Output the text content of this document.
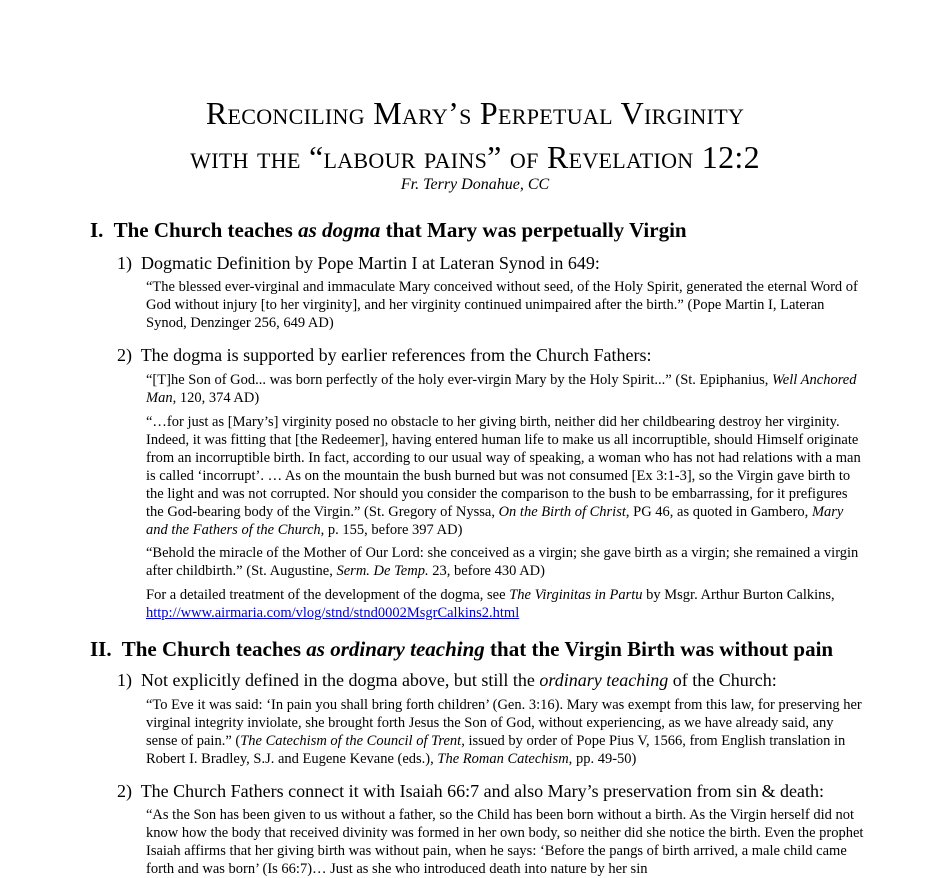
Reconciling Mary’s Perpetual Virginity
with the “labour pains” of Revelation 12:2
Fr. Terry Donahue, CC
I. The Church teaches as dogma that Mary was perpetually Virgin
1) Dogmatic Definition by Pope Martin I at Lateran Synod in 649:
“The blessed ever-virginal and immaculate Mary conceived without seed, of the Holy Spirit, generated the eternal Word of God without injury [to her virginity], and her virginity continued unimpaired after the birth.” (Pope Martin I, Lateran Synod, Denzinger 256, 649 AD)
2) The dogma is supported by earlier references from the Church Fathers:
“[T]he Son of God... was born perfectly of the holy ever-virgin Mary by the Holy Spirit...” (St. Epiphanius, Well Anchored Man, 120, 374 AD)
“…for just as [Mary’s] virginity posed no obstacle to her giving birth, neither did her childbearing destroy her virginity. Indeed, it was fitting that [the Redeemer], having entered human life to make us all incorruptible, should Himself originate from an incorruptible birth. In fact, according to our usual way of speaking, a woman who has not had relations with a man is called ‘incorrupt’. … As on the mountain the bush burned but was not consumed [Ex 3:1-3], so the Virgin gave birth to the light and was not corrupted. Nor should you consider the comparison to the bush to be embarrassing, for it prefigures the God-bearing body of the Virgin.” (St. Gregory of Nyssa, On the Birth of Christ, PG 46, as quoted in Gambero, Mary and the Fathers of the Church, p. 155, before 397 AD)
“Behold the miracle of the Mother of Our Lord: she conceived as a virgin; she gave birth as a virgin; she remained a virgin after childbirth.” (St. Augustine, Serm. De Temp. 23, before 430 AD)
For a detailed treatment of the development of the dogma, see The Virginitas in Partu by Msgr. Arthur Burton Calkins, http://www.airmaria.com/vlog/stnd/stnd0002MsgrCalkins2.html
II. The Church teaches as ordinary teaching that the Virgin Birth was without pain
1) Not explicitly defined in the dogma above, but still the ordinary teaching of the Church:
“To Eve it was said: ‘In pain you shall bring forth children’ (Gen. 3:16). Mary was exempt from this law, for preserving her virginal integrity inviolate, she brought forth Jesus the Son of God, without experiencing, as we have already said, any sense of pain.” (The Catechism of the Council of Trent, issued by order of Pope Pius V, 1566, from English translation in Robert I. Bradley, S.J. and Eugene Kevane (eds.), The Roman Catechism, pp. 49-50)
2) The Church Fathers connect it with Isaiah 66:7 and also Mary’s preservation from sin & death:
“As the Son has been given to us without a father, so the Child has been born without a birth. As the Virgin herself did not know how the body that received divinity was formed in her own body, so neither did she notice the birth. Even the prophet Isaiah affirms that her giving birth was without pain, when he says: ‘Before the pangs of birth arrived, a male child came forth and was born’ (Is 66:7)… Just as she who introduced death into nature by her sin
